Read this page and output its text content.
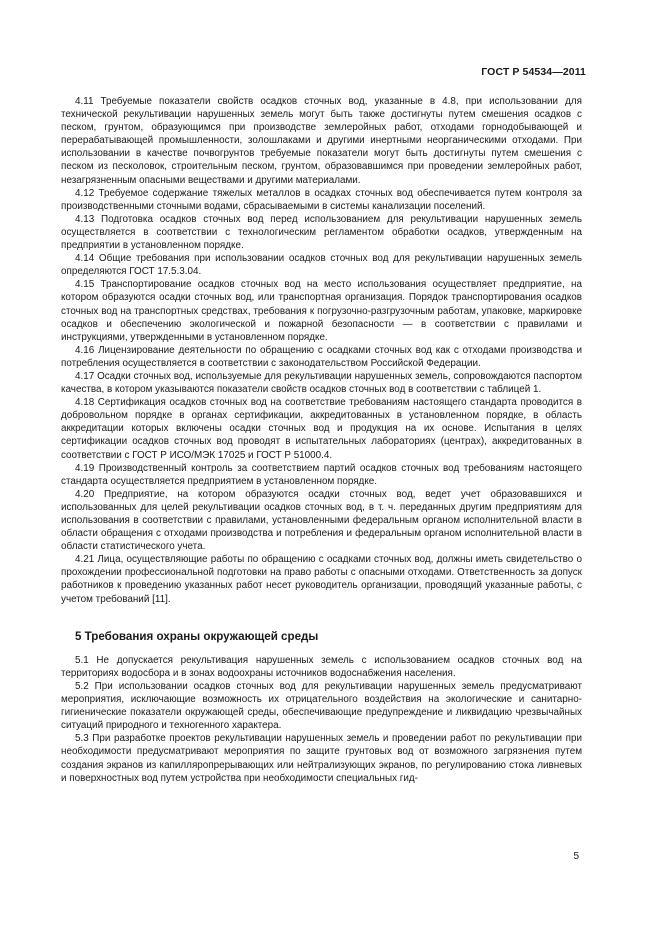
ГОСТ Р 54534—2011

4.11 Требуемые показатели свойств осадков сточных вод, указанные в 4.8, при использовании для технической рекультивации нарушенных земель могут быть также достигнуты путем смешения осадков с песком, грунтом, образующимся при производстве землеройных работ, отходами горнодобывающей и перерабатывающей промышленности, золошлаками и другими инертными неорганическими отходами. При использовании в качестве почвогрунтов требуемые показатели могут быть достигнуты путем смешения с песком из песколовок, строительным песком, грунтом, образовавшимся при проведении землеройных работ, незагрязненным опасными веществами и другими материалами.

4.12 Требуемое содержание тяжелых металлов в осадках сточных вод обеспечивается путем контроля за производственными сточными водами, сбрасываемыми в системы канализации поселений.

4.13 Подготовка осадков сточных вод перед использованием для рекультивации нарушенных земель осуществляется в соответствии с технологическим регламентом обработки осадков, утвержденным на предприятии в установленном порядке.

4.14 Общие требования при использовании осадков сточных вод для рекультивации нарушенных земель определяются ГОСТ 17.5.3.04.

4.15 Транспортирование осадков сточных вод на место использования осуществляет предприятие, на котором образуются осадки сточных вод, или транспортная организация. Порядок транспортирования осадков сточных вод на транспортных средствах, требования к погрузочно-разгрузочным работам, упаковке, маркировке осадков и обеспечению экологической и пожарной безопасности — в соответствии с правилами и инструкциями, утвержденными в установленном порядке.

4.16 Лицензирование деятельности по обращению с осадками сточных вод как с отходами производства и потребления осуществляется в соответствии с законодательством Российской Федерации.

4.17 Осадки сточных вод, используемые для рекультивации нарушенных земель, сопровождаются паспортом качества, в котором указываются показатели свойств осадков сточных вод в соответствии с таблицей 1.

4.18 Сертификация осадков сточных вод на соответствие требованиям настоящего стандарта проводится в добровольном порядке в органах сертификации, аккредитованных в установленном порядке, в область аккредитации которых включены осадки сточных вод и продукция на их основе. Испытания в целях сертификации осадков сточных вод проводят в испытательных лабораториях (центрах), аккредитованных в соответствии с ГОСТ Р ИСО/МЭК 17025 и ГОСТ Р 51000.4.

4.19 Производственный контроль за соответствием партий осадков сточных вод требованиям настоящего стандарта осуществляется предприятием в установленном порядке.

4.20 Предприятие, на котором образуются осадки сточных вод, ведет учет образовавшихся и использованных для целей рекультивации осадков сточных вод, в т. ч. переданных другим предприятиям для использования в соответствии с правилами, установленными федеральным органом исполнительной власти в области обращения с отходами производства и потребления и федеральным органом исполнительной власти в области статистического учета.

4.21 Лица, осуществляющие работы по обращению с осадками сточных вод, должны иметь свидетельство о прохождении профессиональной подготовки на право работы с опасными отходами. Ответственность за допуск работников к проведению указанных работ несет руководитель организации, проводящий указанные работы, с учетом требований [11].

5 Требования охраны окружающей среды

5.1 Не допускается рекультивация нарушенных земель с использованием осадков сточных вод на территориях водосбора и в зонах водоохраны источников водоснабжения населения.

5.2 При использовании осадков сточных вод для рекультивации нарушенных земель предусматривают мероприятия, исключающие возможность их отрицательного воздействия на экологические и санитарно-гигиенические показатели окружающей среды, обеспечивающие предупреждение и ликвидацию чрезвычайных ситуаций природного и техногенного характера.

5.3 При разработке проектов рекультивации нарушенных земель и проведении работ по рекультивации при необходимости предусматривают мероприятия по защите грунтовых вод от возможного загрязнения путем создания экранов из капилляропрерывающих или нейтрализующих экранов, по регулированию стока ливневых и поверхностных вод путем устройства при необходимости специальных гид-

5
